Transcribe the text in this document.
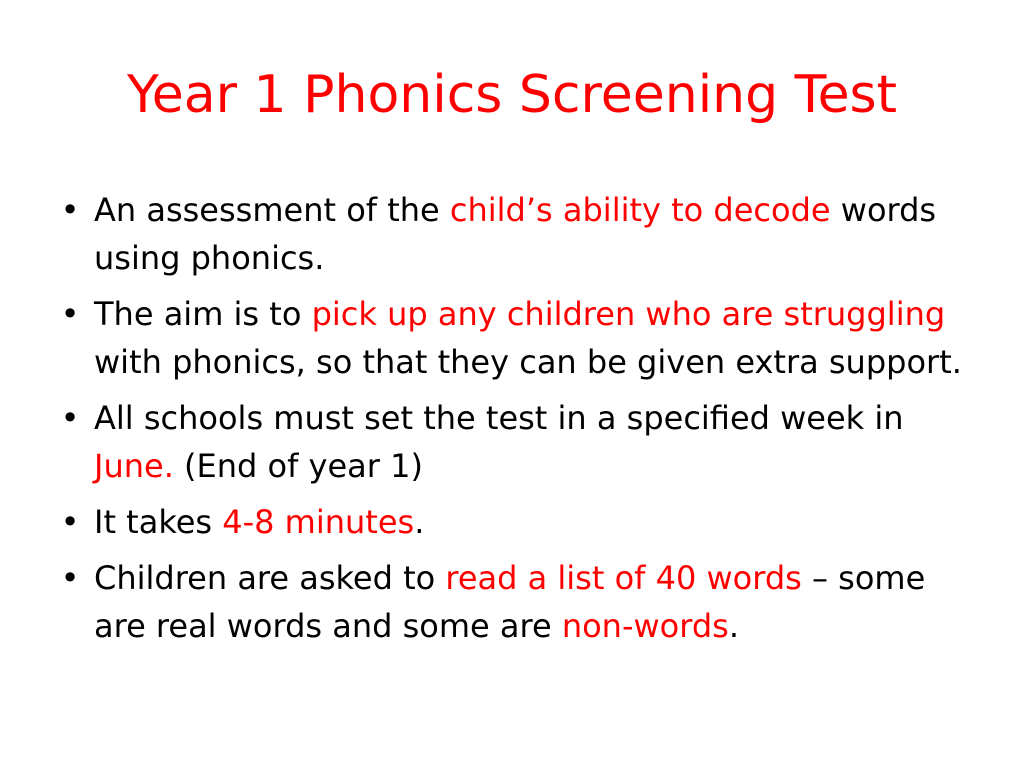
Year 1 Phonics Screening Test
• An assessment of the child’s ability to decode words using phonics.
• The aim is to pick up any children who are struggling with phonics, so that they can be given extra support.
• All schools must set the test in a specified week in June. (End of year 1)
• It takes 4-8 minutes.
• Children are asked to read a list of 40 words – some are real words and some are non-words.
